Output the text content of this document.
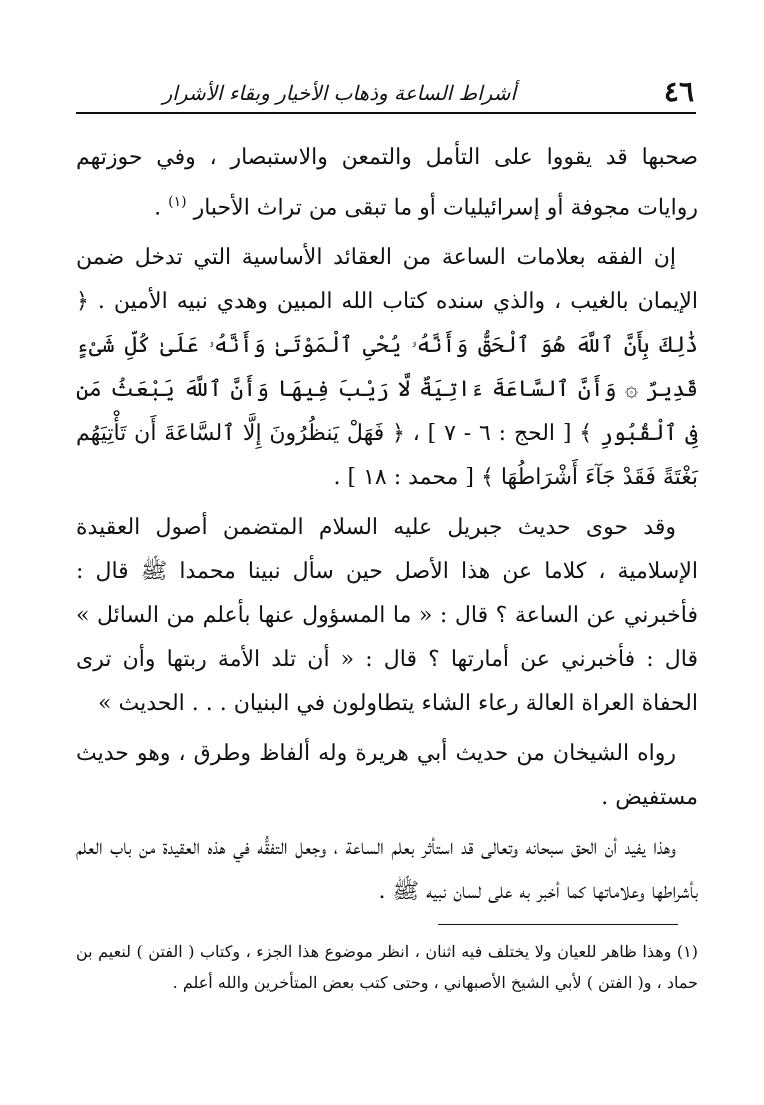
٤٦
أشراط الساعة وذهاب الأخيار وبقاء الأشرار

صحبها قد يقووا على التأمل والتمعن والاستبصار ، وفي حوزتهم روايات مجوفة أو إسرائيليات أو ما تبقى من تراث الأحبار $^{(١)}$ .

إن الفقه بعلامات الساعة من العقائد الأساسية التي تدخل ضمن الإيمان بالغيب ، والذي سنده كتاب الله المبين وهدي نبيه الأمين . ﴿ ذَٰلِكَ بِأَنَّ ٱللَّهَ هُوَ ٱلْحَقُّ وَأَنَّهُۥ يُحْىِ ٱلْمَوْتَىٰ وَأَنَّهُۥ عَلَىٰ كُلِّ شَىْءٍ قَدِيرٌ ۞ وَأَنَّ ٱلسَّاعَةَ ءَاتِيَةٌ لَّا رَيْبَ فِيهَا وَأَنَّ ٱللَّهَ يَبْعَثُ مَن فِى ٱلْقُبُورِ ﴾ [ الحج : ٦ - ٧ ] ، ﴿ فَهَلْ يَنظُرُونَ إِلَّا ٱلسَّاعَةَ أَن تَأْتِيَهُم بَغْتَةً فَقَدْ جَآءَ أَشْرَاطُهَا ﴾ [ محمد : ١٨ ] .

وقد حوى حديث جبريل عليه السلام المتضمن أصول العقيدة الإسلامية ، كلاما عن هذا الأصل حين سأل نبينا محمدا ﷺ قال : فأخبرني عن الساعة ؟ قال : « ما المسؤول عنها بأعلم من السائل » قال : فأخبرني عن أمارتها ؟ قال : « أن تلد الأمة ربتها وأن ترى الحفاة العراة العالة رعاء الشاء يتطاولون في البنيان . . . الحديث »

رواه الشيخان من حديث أبي هريرة وله ألفاظ وطرق ، وهو حديث مستفيض .

وهذا يفيد أن الحق سبحانه وتعالى قد استأثر بعلم الساعة ، وجعل التفقُّه في هذه العقيدة من باب العلم بأشراطها وعلاماتها كما أخبر به على لسان نبيه ﷺ .

(١) وهذا ظاهر للعيان ولا يختلف فيه اثنان ، انظر موضوع هذا الجزء ، وكتاب ( الفتن ) لنعيم بن حماد ، و( الفتن ) لأبي الشيخ الأصبهاني ، وحتى كتب بعض المتأخرين والله أعلم .
